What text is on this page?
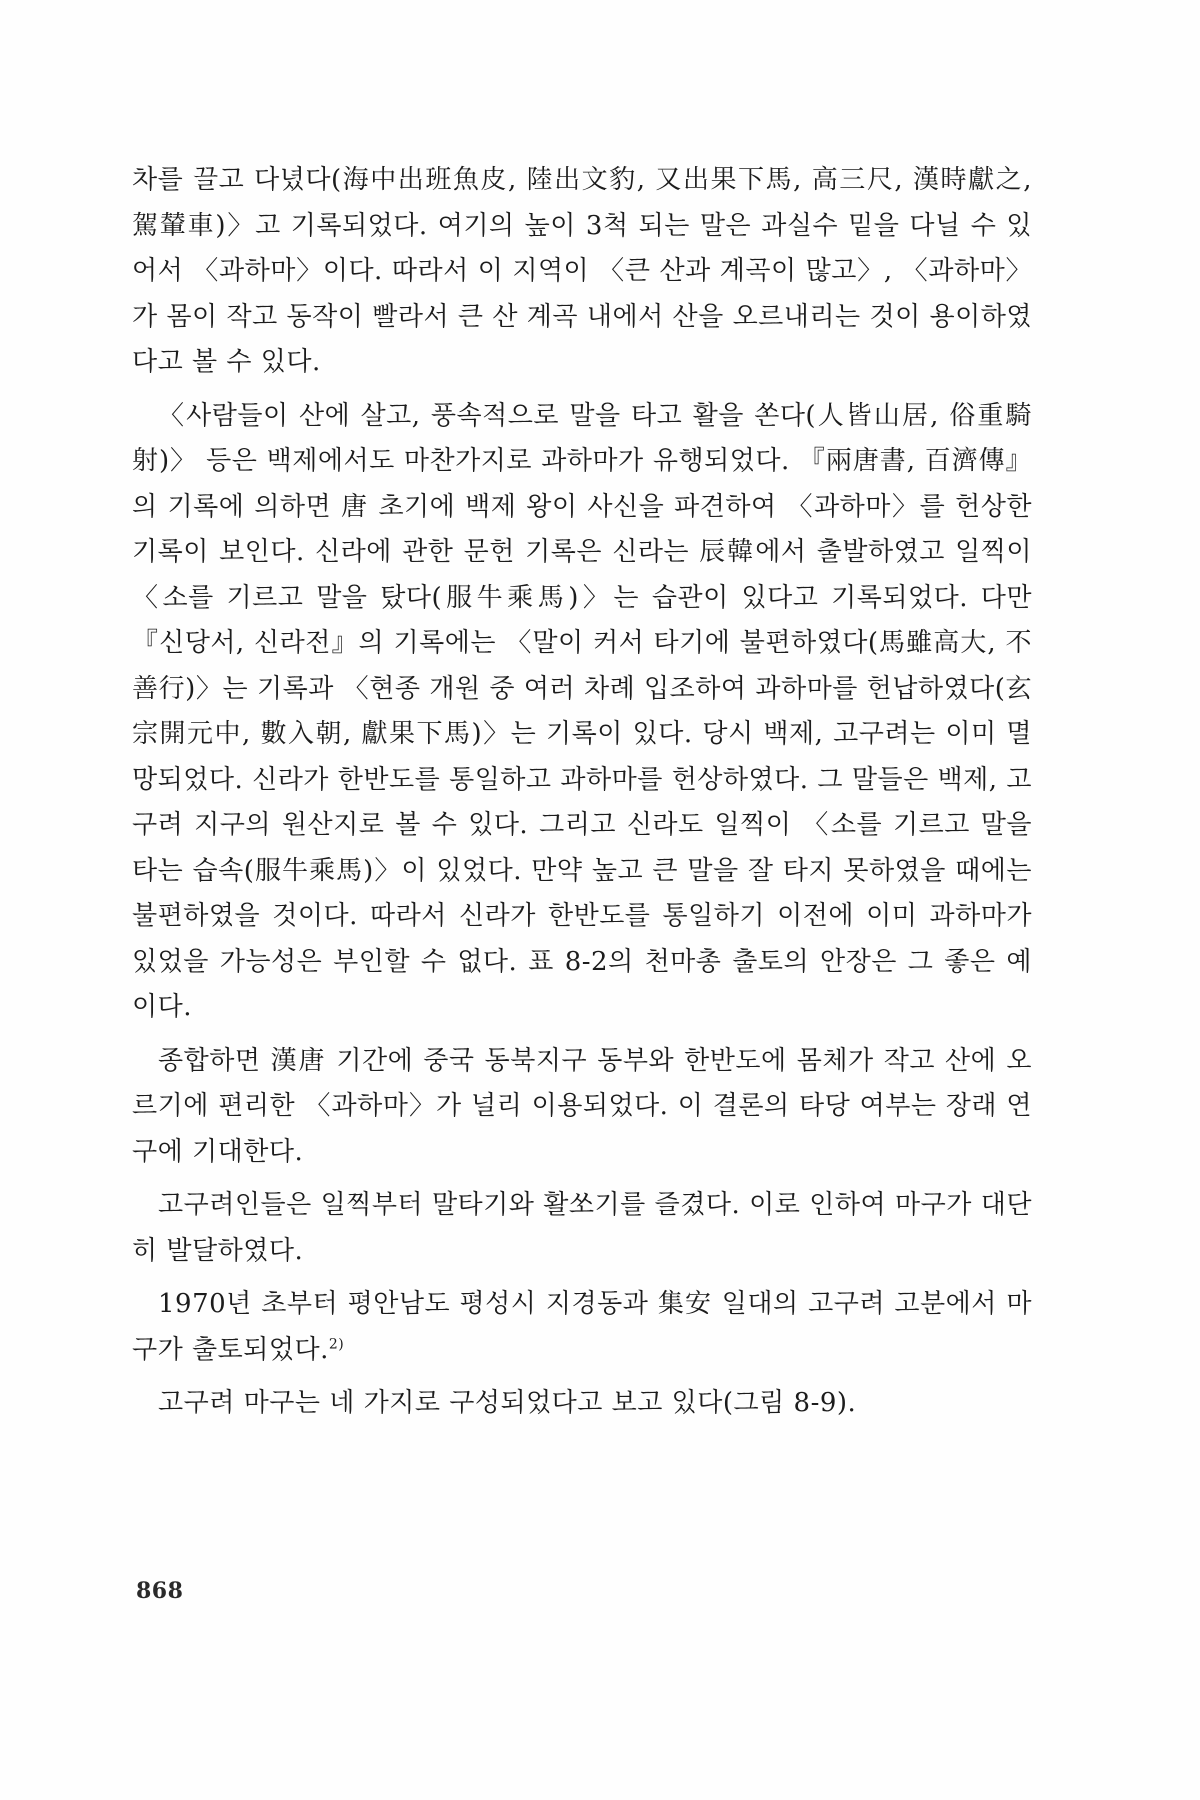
차를 끌고 다녔다(海中出班魚皮, 陸出文豹, 又出果下馬, 高三尺, 漢時獻之, 駕輦車)〉고 기록되었다. 여기의 높이 3척 되는 말은 과실수 밑을 다닐 수 있어서 〈과하마〉이다. 따라서 이 지역이 〈큰 산과 계곡이 많고〉, 〈과하마〉가 몸이 작고 동작이 빨라서 큰 산 계곡 내에서 산을 오르내리는 것이 용이하였다고 볼 수 있다.

〈사람들이 산에 살고, 풍속적으로 말을 타고 활을 쏜다(人皆山居, 俗重騎射)〉 등은 백제에서도 마찬가지로 과하마가 유행되었다. 『兩唐書, 百濟傳』의 기록에 의하면 唐 초기에 백제 왕이 사신을 파견하여 〈과하마〉를 헌상한 기록이 보인다. 신라에 관한 문헌 기록은 신라는 辰韓에서 출발하였고 일찍이 〈소를 기르고 말을 탔다(服牛乘馬)〉는 습관이 있다고 기록되었다. 다만 『신당서, 신라전』의 기록에는 〈말이 커서 타기에 불편하였다(馬雖高大, 不善行)〉는 기록과 〈현종 개원 중 여러 차례 입조하여 과하마를 헌납하였다(玄宗開元中, 數入朝, 獻果下馬)〉는 기록이 있다. 당시 백제, 고구려는 이미 멸망되었다. 신라가 한반도를 통일하고 과하마를 헌상하였다. 그 말들은 백제, 고구려 지구의 원산지로 볼 수 있다. 그리고 신라도 일찍이 〈소를 기르고 말을 타는 습속(服牛乘馬)〉이 있었다. 만약 높고 큰 말을 잘 타지 못하였을 때에는 불편하였을 것이다. 따라서 신라가 한반도를 통일하기 이전에 이미 과하마가 있었을 가능성은 부인할 수 없다. 표 8-2의 천마총 출토의 안장은 그 좋은 예이다.

종합하면 漢唐 기간에 중국 동북지구 동부와 한반도에 몸체가 작고 산에 오르기에 편리한 〈과하마〉가 널리 이용되었다. 이 결론의 타당 여부는 장래 연구에 기대한다.

고구려인들은 일찍부터 말타기와 활쏘기를 즐겼다. 이로 인하여 마구가 대단히 발달하였다.

1970년 초부터 평안남도 평성시 지경동과 集安 일대의 고구려 고분에서 마구가 출토되었다.$^{2)}$

고구려 마구는 네 가지로 구성되었다고 보고 있다(그림 8-9).

868
